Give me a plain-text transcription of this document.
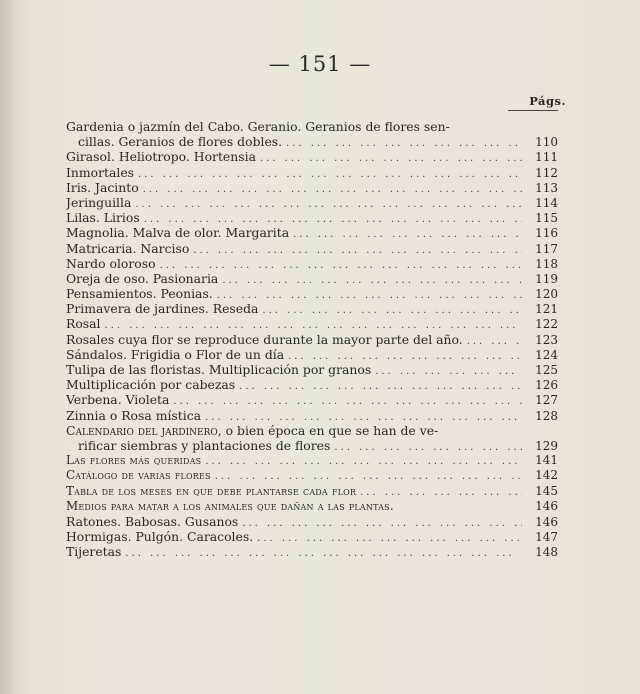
— 151 —
Págs.
Gardenia o jazmín del Cabo. Geranio. Geranios de flores sen-
cillas. Geranios de flores dobles. ... .	110
Girasol. Heliotropo. Hortensia ... .	111
Inmortales ... .	112
Iris. Jacinto ... .	113
Jeringuilla ... .	114
Lilas. Lirios ... .	115
Magnolia. Malva de olor. Margarita ... .	116
Matricaria. Narciso ... .	117
Nardo oloroso ... .	118
Oreja de oso. Pasionaria ... .	119
Pensamientos. Peonias. ... .	120
Primavera de jardines. Reseda ... .	121
Rosal ... .	122
Rosales cuya flor se reproduce durante la mayor parte del año. ... .	123
Sándalos. Frigidia o Flor de un día ... .	124
Tulipa de las floristas. Multiplicación por granos ... .	125
Multiplicación por cabezas ... .	126
Verbena. Violeta ... .	127
Zinnia o Rosa mística ... .	128
Calendario del jardinero, o bien época en que se han de ve-
rificar siembras y plantaciones de flores ... .	129
Las flores más queridas ... .	141
Catálogo de varias flores ... .	142
Tabla de los meses en que debe plantarse cada flor ... .	145
Medios para matar a los animales que dañan a las plantas.	146
Ratones. Babosas. Gusanos ... .	146
Hormigas. Pulgón. Caracoles. ... .	147
Tijeretas ... .	148
